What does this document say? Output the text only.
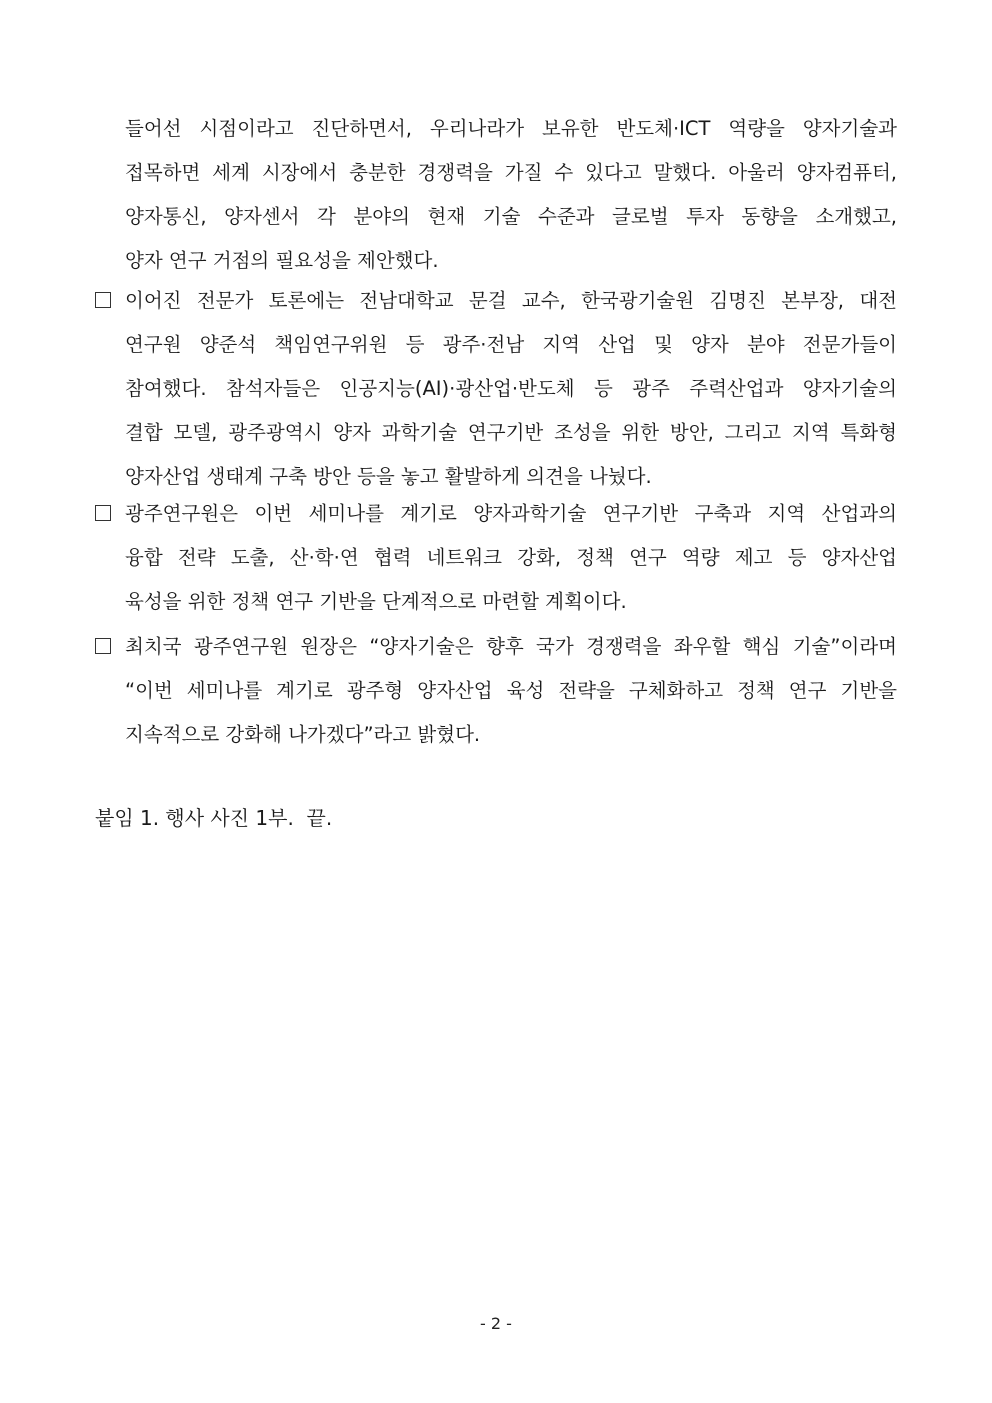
들어선 시점이라고 진단하면서, 우리나라가 보유한 반도체·ICT 역량을 양자기술과
접목하면 세계 시장에서 충분한 경쟁력을 가질 수 있다고 말했다. 아울러 양자컴퓨터,
양자통신, 양자센서 각 분야의 현재 기술 수준과 글로벌 투자 동향을 소개했고,
양자 연구 거점의 필요성을 제안했다.
이어진 전문가 토론에는 전남대학교 문걸 교수, 한국광기술원 김명진 본부장, 대전
연구원 양준석 책임연구위원 등 광주·전남 지역 산업 및 양자 분야 전문가들이
참여했다. 참석자들은 인공지능(AI)·광산업·반도체 등 광주 주력산업과 양자기술의
결합 모델, 광주광역시 양자 과학기술 연구기반 조성을 위한 방안, 그리고 지역 특화형
양자산업 생태계 구축 방안 등을 놓고 활발하게 의견을 나눴다.
광주연구원은 이번 세미나를 계기로 양자과학기술 연구기반 구축과 지역 산업과의
융합 전략 도출, 산·학·연 협력 네트워크 강화, 정책 연구 역량 제고 등 양자산업
육성을 위한 정책 연구 기반을 단계적으로 마련할 계획이다.
최치국 광주연구원 원장은 “양자기술은 향후 국가 경쟁력을 좌우할 핵심 기술”이라며
“이번 세미나를 계기로 광주형 양자산업 육성 전략을 구체화하고 정책 연구 기반을
지속적으로 강화해 나가겠다”라고 밝혔다.
붙임 1. 행사 사진 1부.  끝.
- 2 -
